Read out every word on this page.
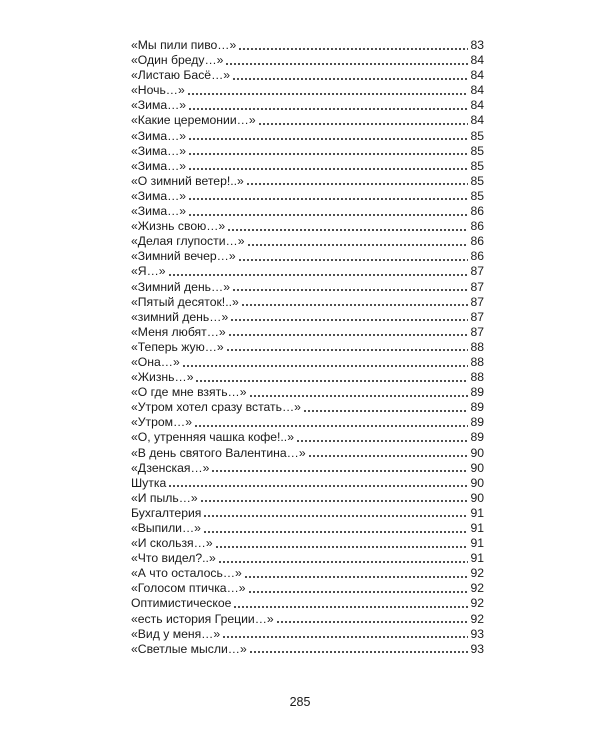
«Мы пили пиво…»	83
«Один бреду…»	84
«Листаю Басё…»	84
«Ночь…»	84
«Зима…»	84
«Какие церемонии…»	84
«Зима…»	85
«Зима…»	85
«Зима…»	85
«О зимний ветер!..»	85
«Зима…»	85
«Зима…»	86
«Жизнь свою…»	86
«Делая глупости…»	86
«Зимний вечер…»	86
«Я…»	87
«Зимний день…»	87
«Пятый десяток!..»	87
«зимний день…»	87
«Меня любят…»	87
«Теперь жую…»	88
«Она…»	88
«Жизнь…»	88
«О где мне взять…»	89
«Утром хотел сразу встать…»	89
«Утром…»	89
«О, утренняя чашка кофе!..»	89
«В день святого Валентина…»	90
«Дзенская…»	90
Шутка	90
«И пыль…»	90
Бухгалтерия	91
«Выпили…»	91
«И скользя…»	91
«Что видел?..»	91
«А что осталось…»	92
«Голосом птичка…»	92
Оптимистическое	92
«есть история Греции…»	92
«Вид у меня…»	93
«Светлые мысли…»	93
285
